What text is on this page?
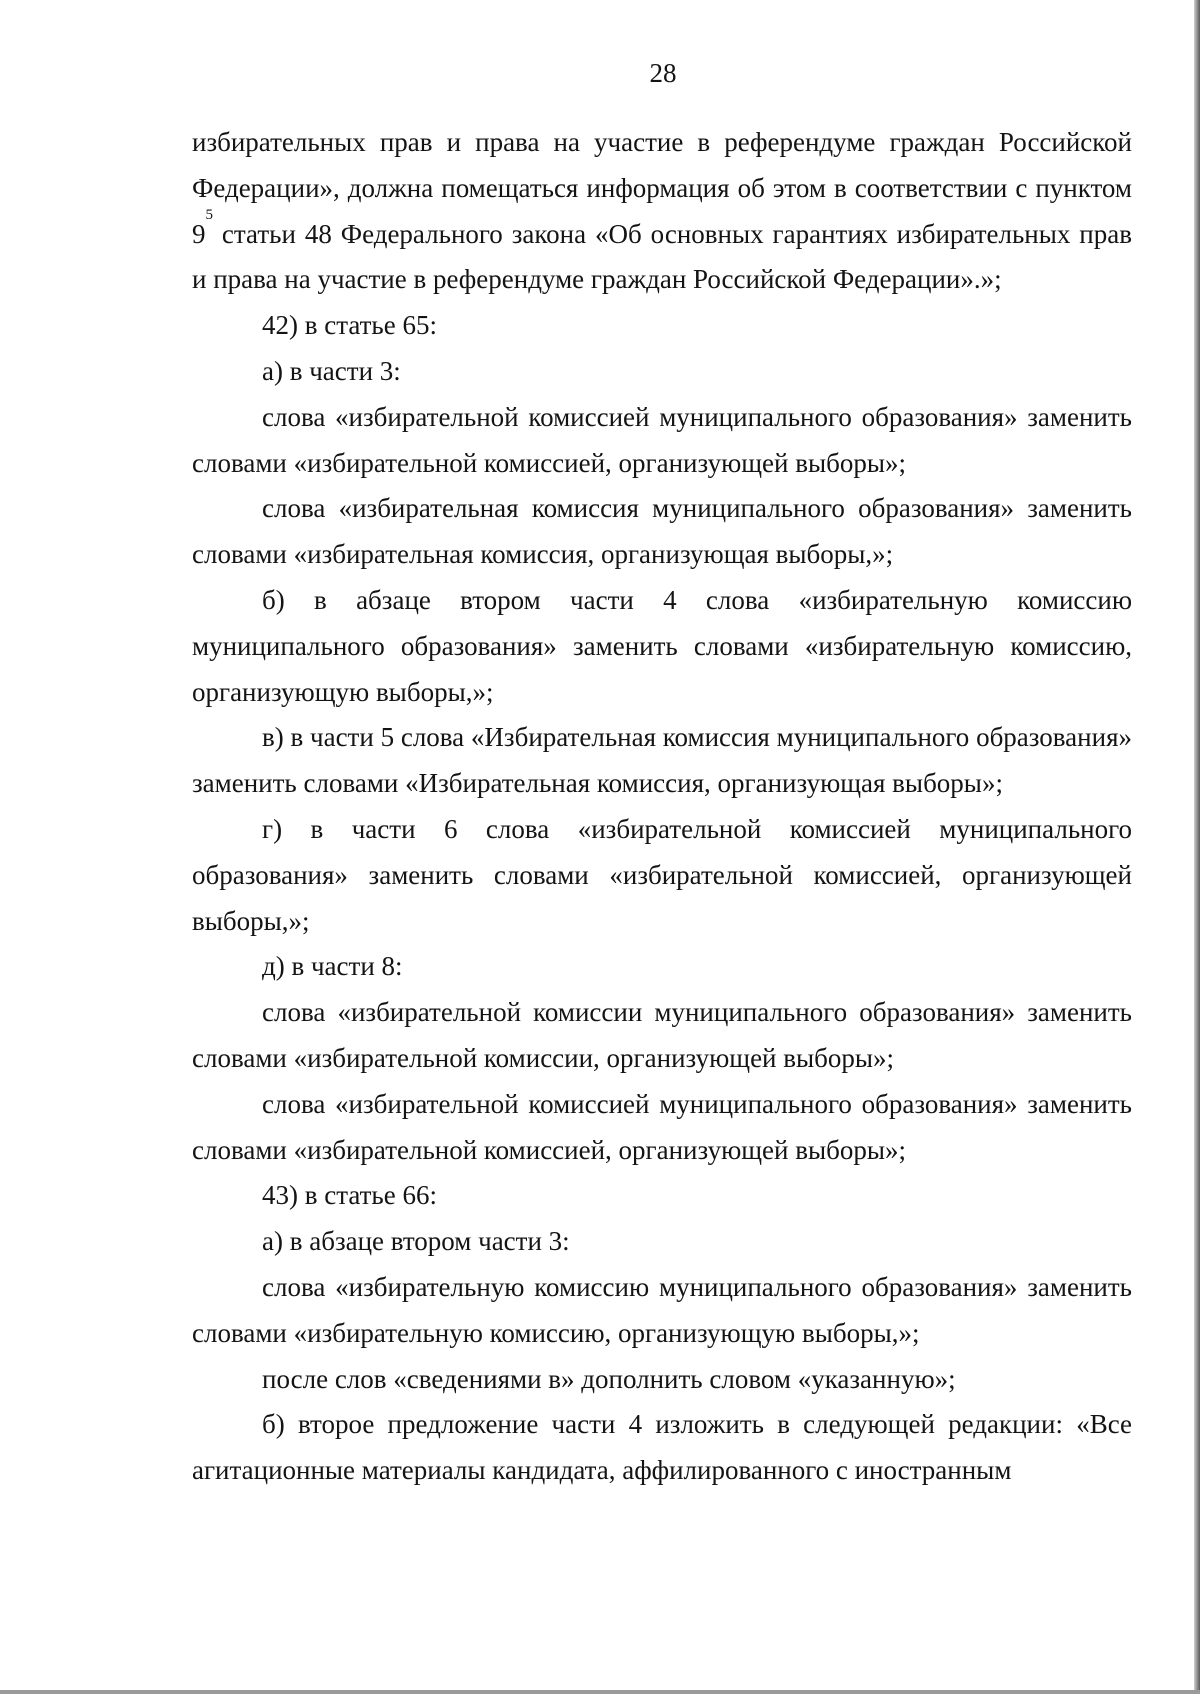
28

избирательных прав и права на участие в референдуме граждан Российской Федерации», должна помещаться информация об этом в соответствии с пунктом $9^5$ статьи 48 Федерального закона «Об основных гарантиях избирательных прав и права на участие в референдуме граждан Российской Федерации».»;

42) в статье 65:

а) в части 3:

слова «избирательной комиссией муниципального образования» заменить словами «избирательной комиссией, организующей выборы»;

слова «избирательная комиссия муниципального образования» заменить словами «избирательная комиссия, организующая выборы,»;

б) в абзаце втором части 4 слова «избирательную комиссию муниципального образования» заменить словами «избирательную комиссию, организующую выборы,»;

в) в части 5 слова «Избирательная комиссия муниципального образования» заменить словами «Избирательная комиссия, организующая выборы»;

г) в части 6 слова «избирательной комиссией муниципального образования» заменить словами «избирательной комиссией, организующей выборы,»;

д) в части 8:

слова «избирательной комиссии муниципального образования» заменить словами «избирательной комиссии, организующей выборы»;

слова «избирательной комиссией муниципального образования» заменить словами «избирательной комиссией, организующей выборы»;

43) в статье 66:

а) в абзаце втором части 3:

слова «избирательную комиссию муниципального образования» заменить словами «избирательную комиссию, организующую выборы,»;

после слов «сведениями в» дополнить словом «указанную»;

б) второе предложение части 4 изложить в следующей редакции: «Все агитационные материалы кандидата, аффилированного с иностранным
